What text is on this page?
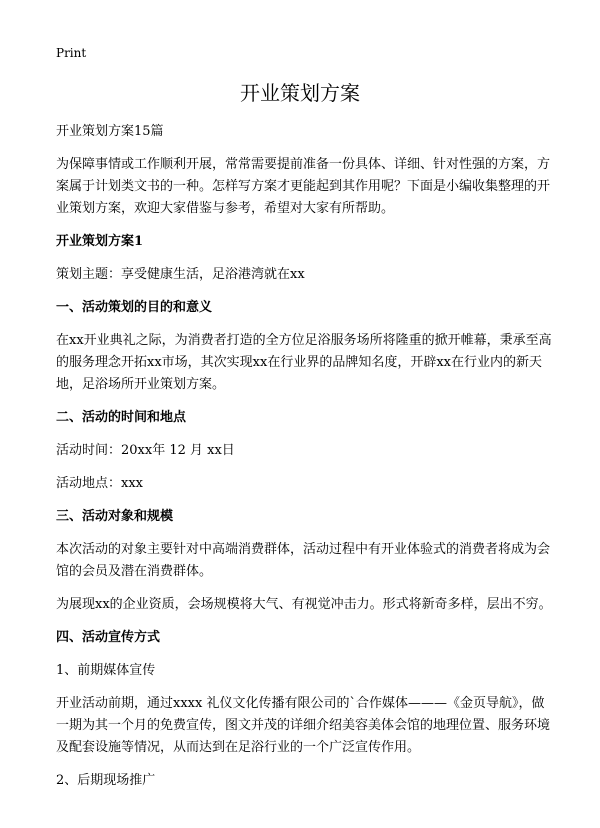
Print
开业策划方案

开业策划方案15篇

为保障事情或工作顺利开展，常常需要提前准备一份具体、详细、针对性强的方案，方案属于计划类文书的一种。怎样写方案才更能起到其作用呢？下面是小编收集整理的开业策划方案，欢迎大家借鉴与参考，希望对大家有所帮助。

开业策划方案1

策划主题：享受健康生活，足浴港湾就在xx

一、活动策划的目的和意义

在xx开业典礼之际，为消费者打造的全方位足浴服务场所将隆重的掀开帷幕，秉承至高的服务理念开拓xx市场，其次实现xx在行业界的品牌知名度，开辟xx在行业内的新天地，足浴场所开业策划方案。

二、活动的时间和地点

活动时间：20xx年 12 月 xx日

活动地点：xxx

三、活动对象和规模

本次活动的对象主要针对中高端消费群体，活动过程中有开业体验式的消费者将成为会馆的会员及潜在消费群体。

为展现xx的企业资质，会场规模将大气、有视觉冲击力。形式将新奇多样，层出不穷。

四、活动宣传方式

1、前期媒体宣传

开业活动前期，通过xxxx 礼仪文化传播有限公司的`合作媒体———《金页导航》，做一期为其一个月的免费宣传，图文并茂的详细介绍美容美体会馆的地理位置、服务环境及配套设施等情况，从而达到在足浴行业的一个广泛宣传作用。

2、后期现场推广
